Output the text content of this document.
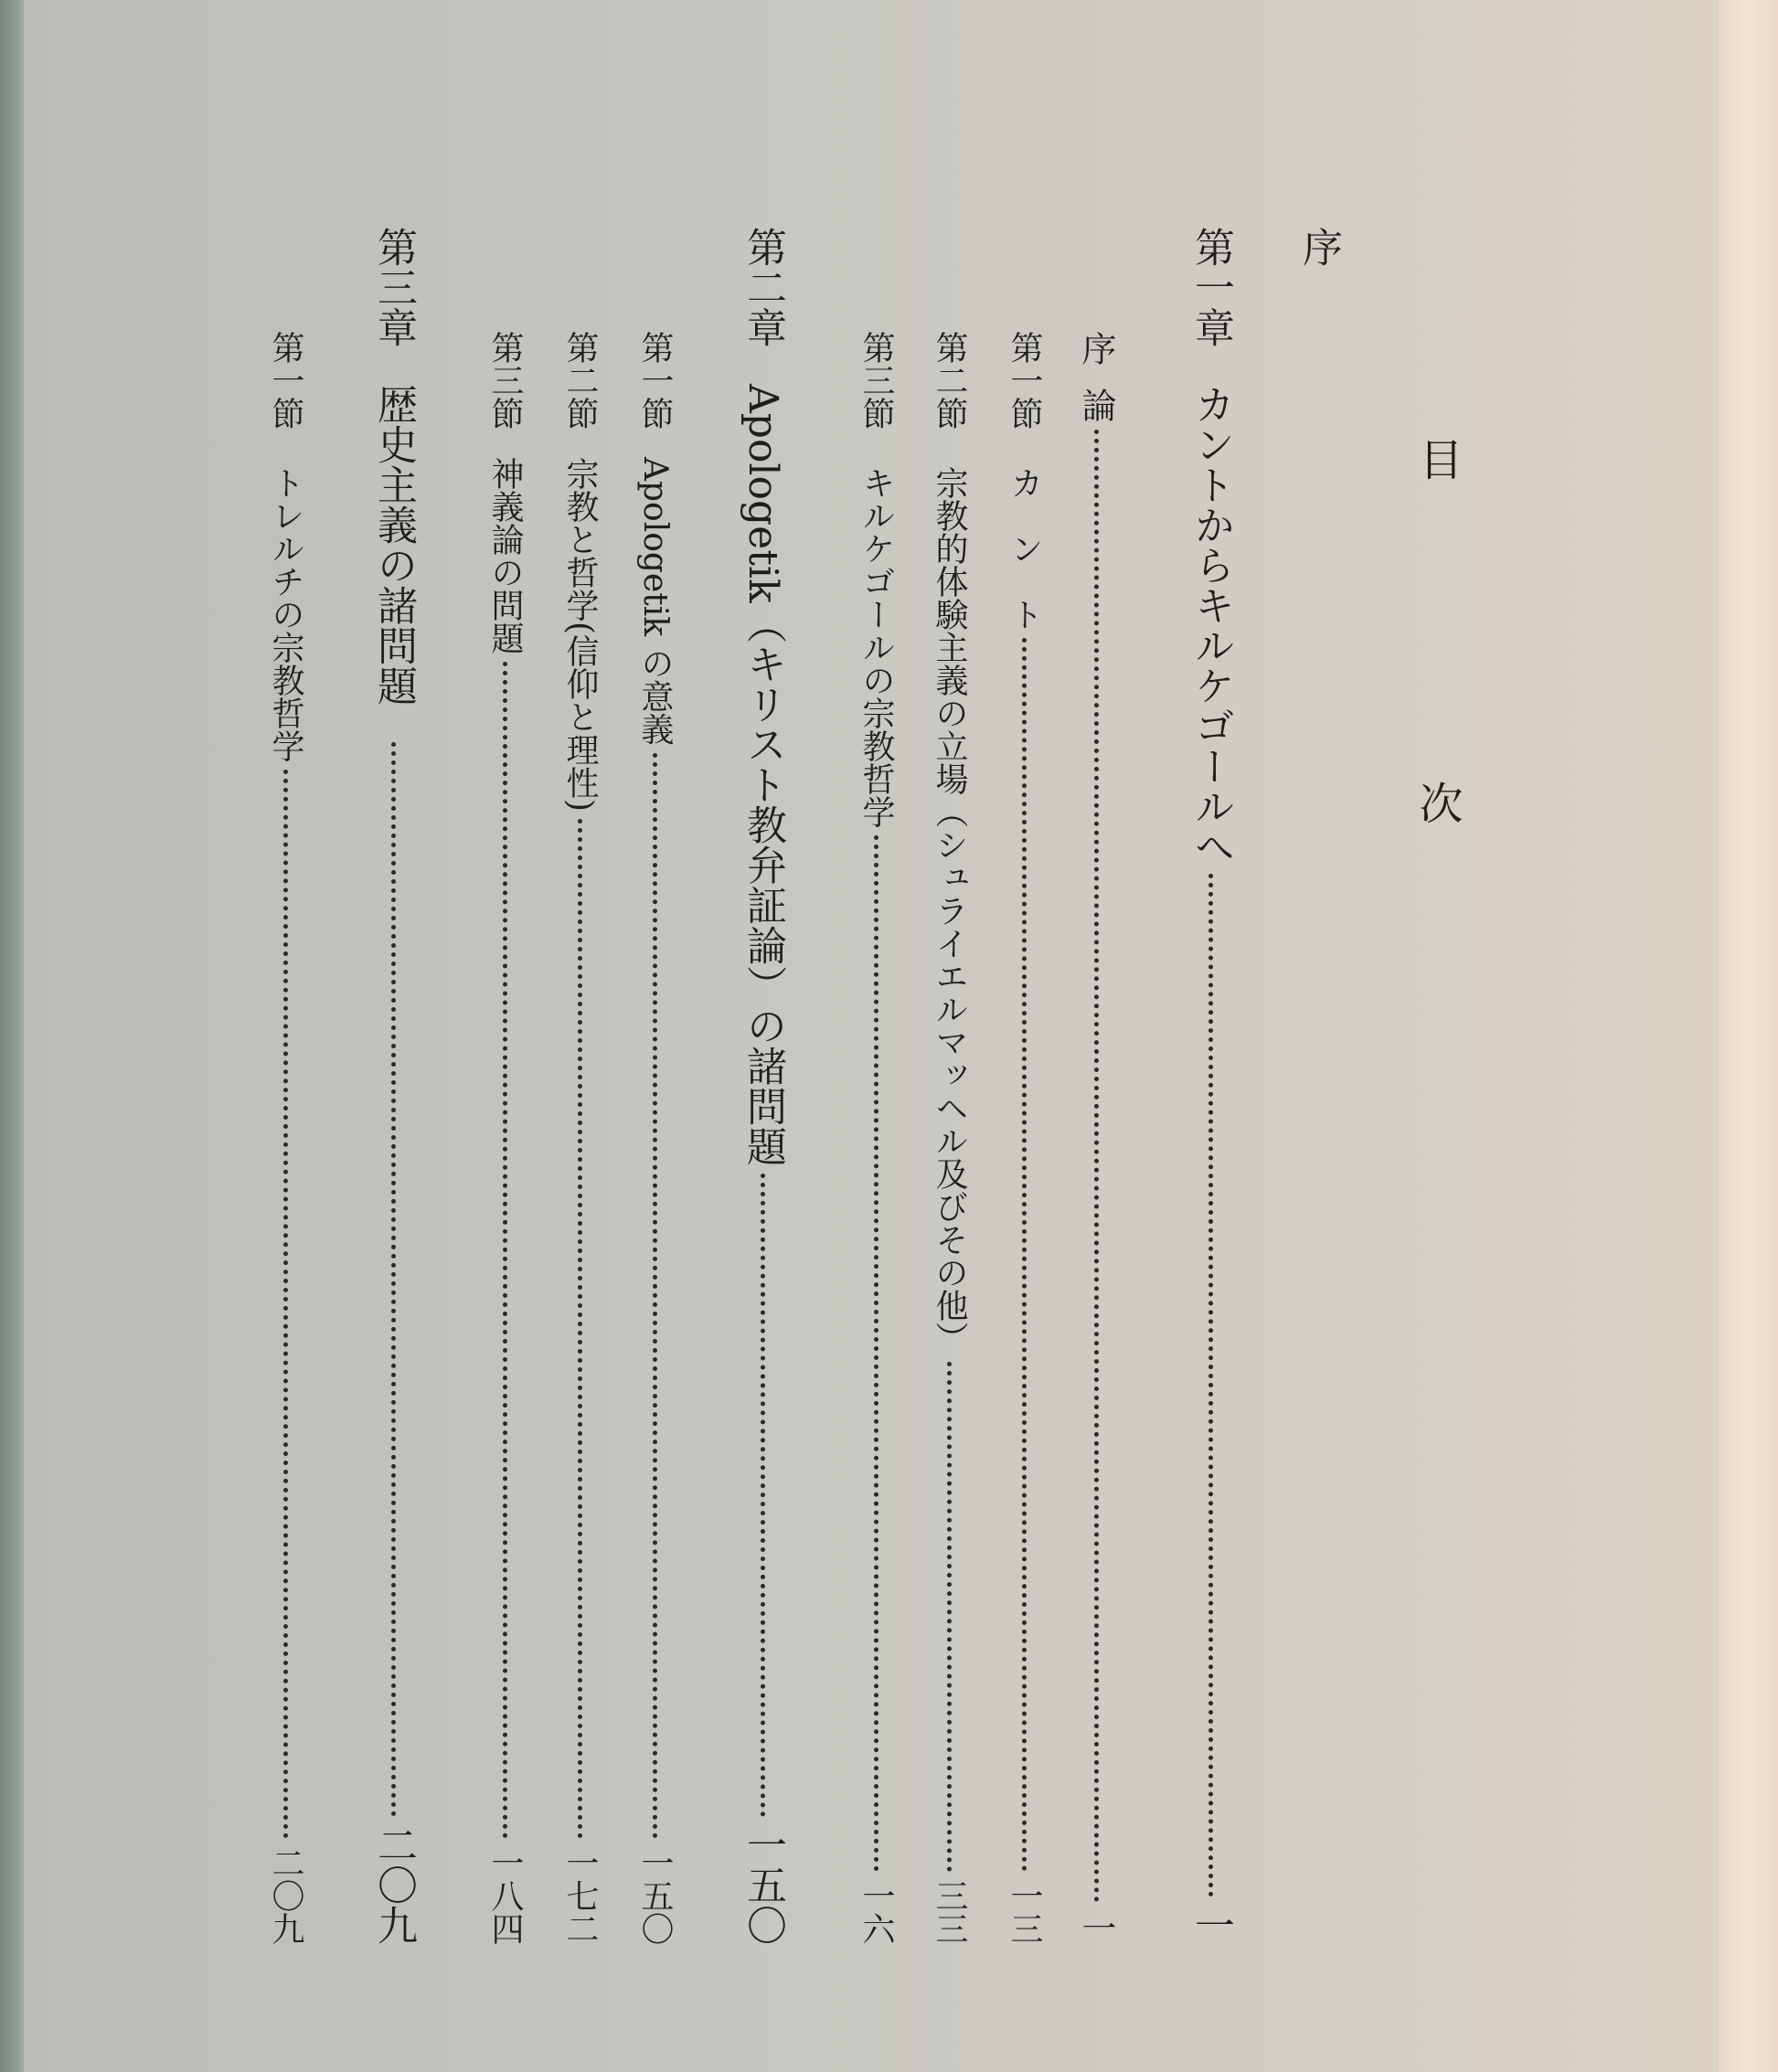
目　次
序
第一章
カントからキルケゴールへ
一
序
論
一
第一節
カ　ン　ト
一三
第二節
宗教的体験主義の立場（シュライエルマッヘル及びその他）
三三
第三節
キルケゴールの宗教哲学
一六
第二章
Apologetik（キリスト教弁証論）の諸問題
一五〇
第一節
Apologetik の意義
一五〇
第二節
宗教と哲学(信仰と理性)
一七二
第三節
神義論の問題
一八四
第三章
歴史主義の諸問題
二〇九
第一節
トレルチの宗教哲学
二〇九
